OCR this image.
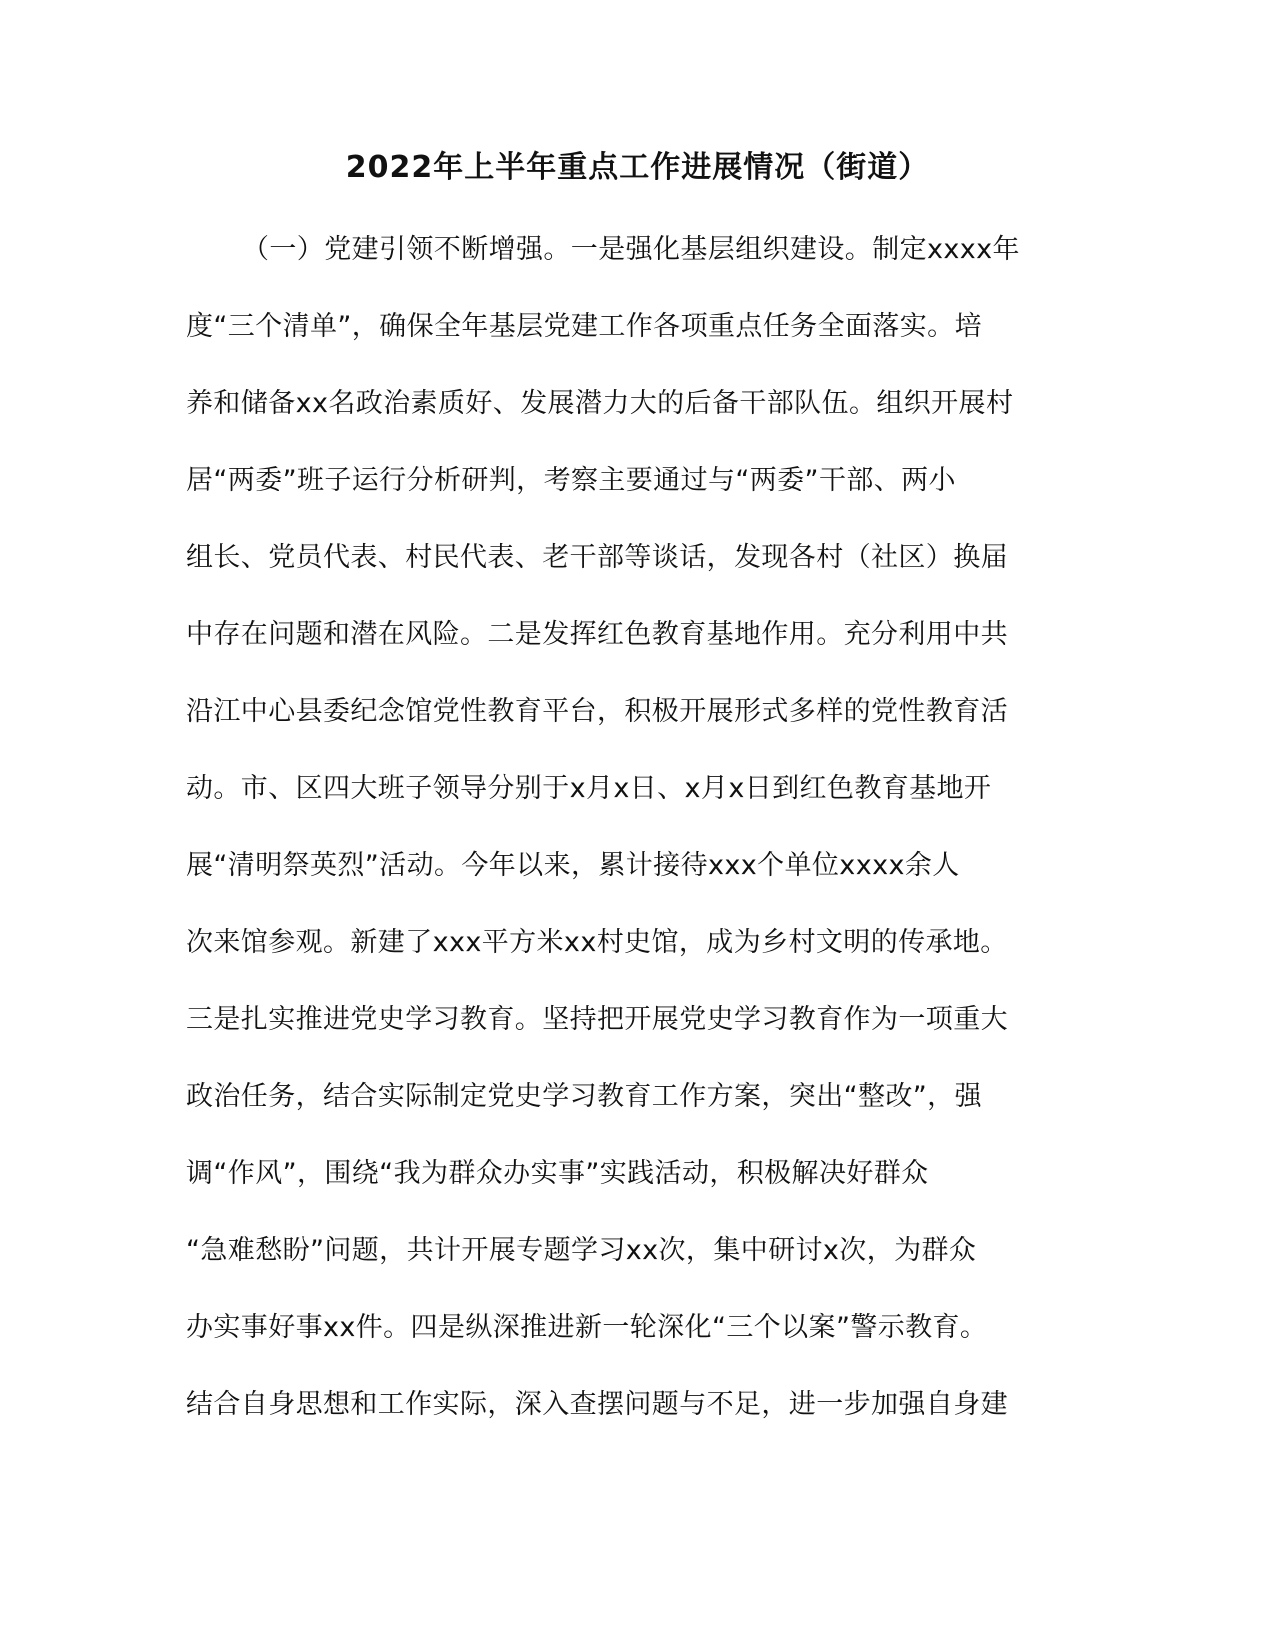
2022年上半年重点工作进展情况（街道）
（一）党建引领不断增强。一是强化基层组织建设。制定xxxx年
度“三个清单”，确保全年基层党建工作各项重点任务全面落实。培
养和储备xx名政治素质好、发展潜力大的后备干部队伍。组织开展村
居“两委”班子运行分析研判，考察主要通过与“两委”干部、两小
组长、党员代表、村民代表、老干部等谈话，发现各村（社区）换届
中存在问题和潜在风险。二是发挥红色教育基地作用。充分利用中共
沿江中心县委纪念馆党性教育平台，积极开展形式多样的党性教育活
动。市、区四大班子领导分别于x月x日、x月x日到红色教育基地开
展“清明祭英烈”活动。今年以来，累计接待xxx个单位xxxx余人
次来馆参观。新建了xxx平方米xx村史馆，成为乡村文明的传承地。
三是扎实推进党史学习教育。坚持把开展党史学习教育作为一项重大
政治任务，结合实际制定党史学习教育工作方案，突出“整改”，强
调“作风”，围绕“我为群众办实事”实践活动，积极解决好群众
“急难愁盼”问题，共计开展专题学习xx次，集中研讨x次，为群众
办实事好事xx件。四是纵深推进新一轮深化“三个以案”警示教育。
结合自身思想和工作实际，深入查摆问题与不足，进一步加强自身建
